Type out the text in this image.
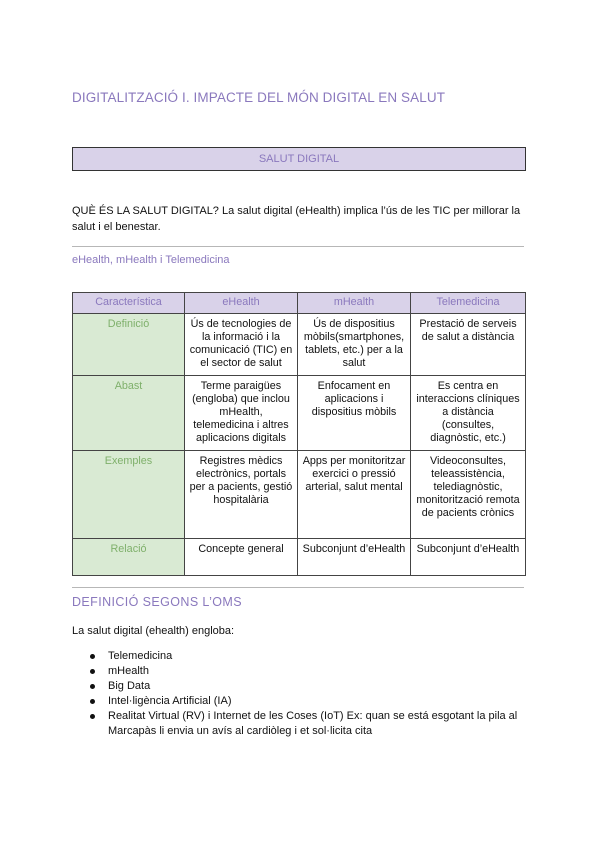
DIGITALITZACIÓ I. IMPACTE DEL MÓN DIGITAL EN SALUT
SALUT DIGITAL
QUÈ ÉS LA SALUT DIGITAL? La salut digital (eHealth) implica l’ús de les TIC per millorar la salut i el benestar.
eHealth, mHealth i Telemedicina
Característica	eHealth	mHealth	Telemedicina
Definició	Ús de tecnologies de la informació i la comunicació (TIC) en el sector de salut	Ús de dispositius mòbils(smartphones, tablets, etc.) per a la salut	Prestació de serveis de salut a distància
Abast	Terme paraigües (engloba) que inclou mHealth, telemedicina i altres aplicacions digitals	Enfocament en aplicacions i dispositius mòbils	Es centra en interaccions clíniques a distància (consultes, diagnòstic, etc.)
Exemples	Registres mèdics electrònics, portals per a pacients, gestió hospitalària	Apps per monitoritzar exercici o pressió arterial, salut mental	Videoconsultes, teleassistència, telediagnòstic, monitorització remota de pacients crònics
Relació	Concepte general	Subconjunt d’eHealth	Subconjunt d’eHealth
DEFINICIÓ SEGONS L’OMS
La salut digital (ehealth) engloba:
Telemedicina
mHealth
Big Data
Intel·ligència Artificial (IA)
Realitat Virtual (RV) i Internet de les Coses (IoT) Ex: quan se está esgotant la pila al Marcapàs li envia un avís al cardiòleg i et sol·licita cita
